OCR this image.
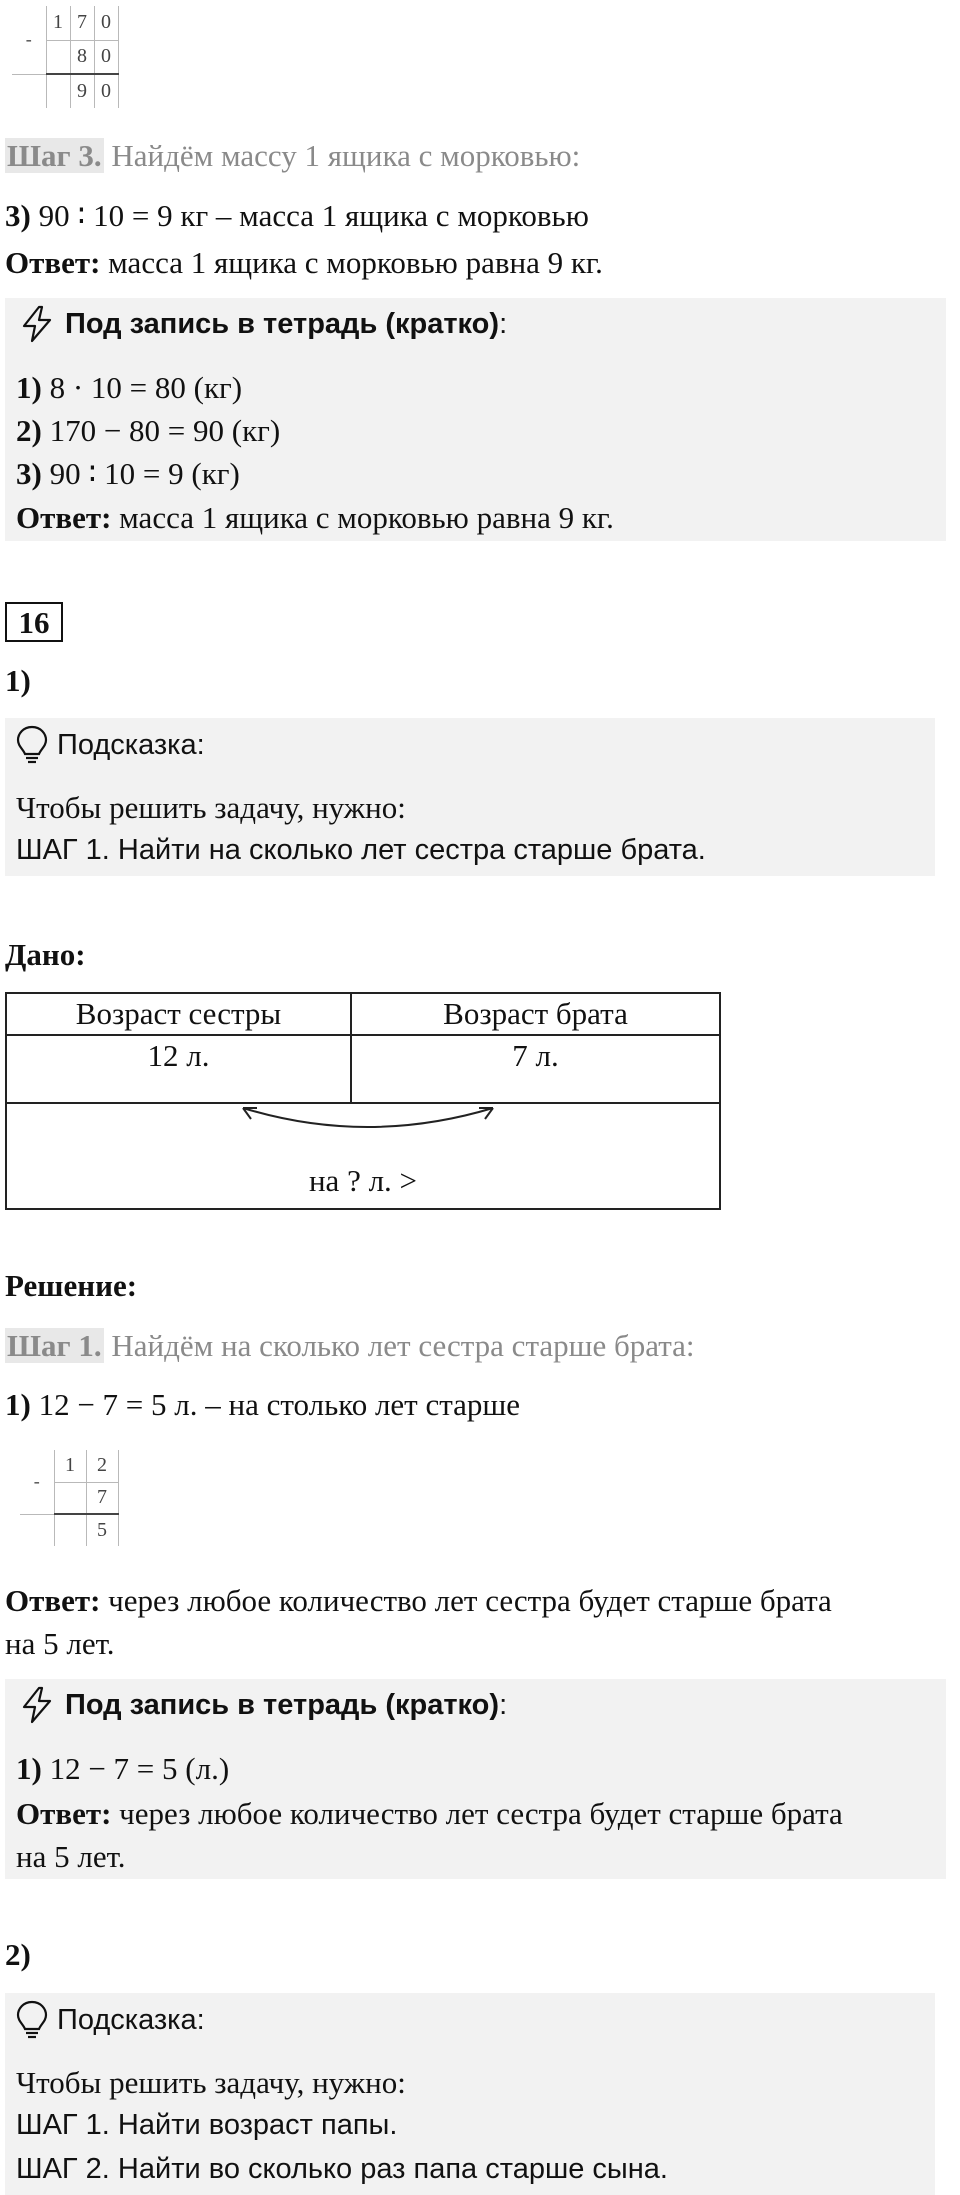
-	1	7	0
		8	0
		9	0
Шаг 3. Найдём массу 1 ящика с морковью:
3) 90 ∶ 10 = 9 кг – масса 1 ящика с морковью
Ответ: масса 1 ящика с морковью равна 9 кг.
Под запись в тетрадь (кратко):
1) 8 · 10 = 80 (кг)
2) 170 − 80 = 90 (кг)
3) 90 ∶ 10 = 9 (кг)
Ответ: масса 1 ящика с морковью равна 9 кг.
16
1)
Подсказка:
Чтобы решить задачу, нужно:
ШАГ 1. Найти на сколько лет сестра старше брата.
Дано:
Возраст сестры	Возраст брата
12 л.	7 л.
на ? л. >
Решение:
Шаг 1. Найдём на сколько лет сестра старше брата:
1) 12 − 7 = 5 л. – на столько лет старше
-	1	2
		7
		5
Ответ: через любое количество лет сестра будет старше брата
на 5 лет.
Под запись в тетрадь (кратко):
1) 12 − 7 = 5 (л.)
Ответ: через любое количество лет сестра будет старше брата
на 5 лет.
2)
Подсказка:
Чтобы решить задачу, нужно:
ШАГ 1. Найти возраст папы.
ШАГ 2. Найти во сколько раз папа старше сына.
